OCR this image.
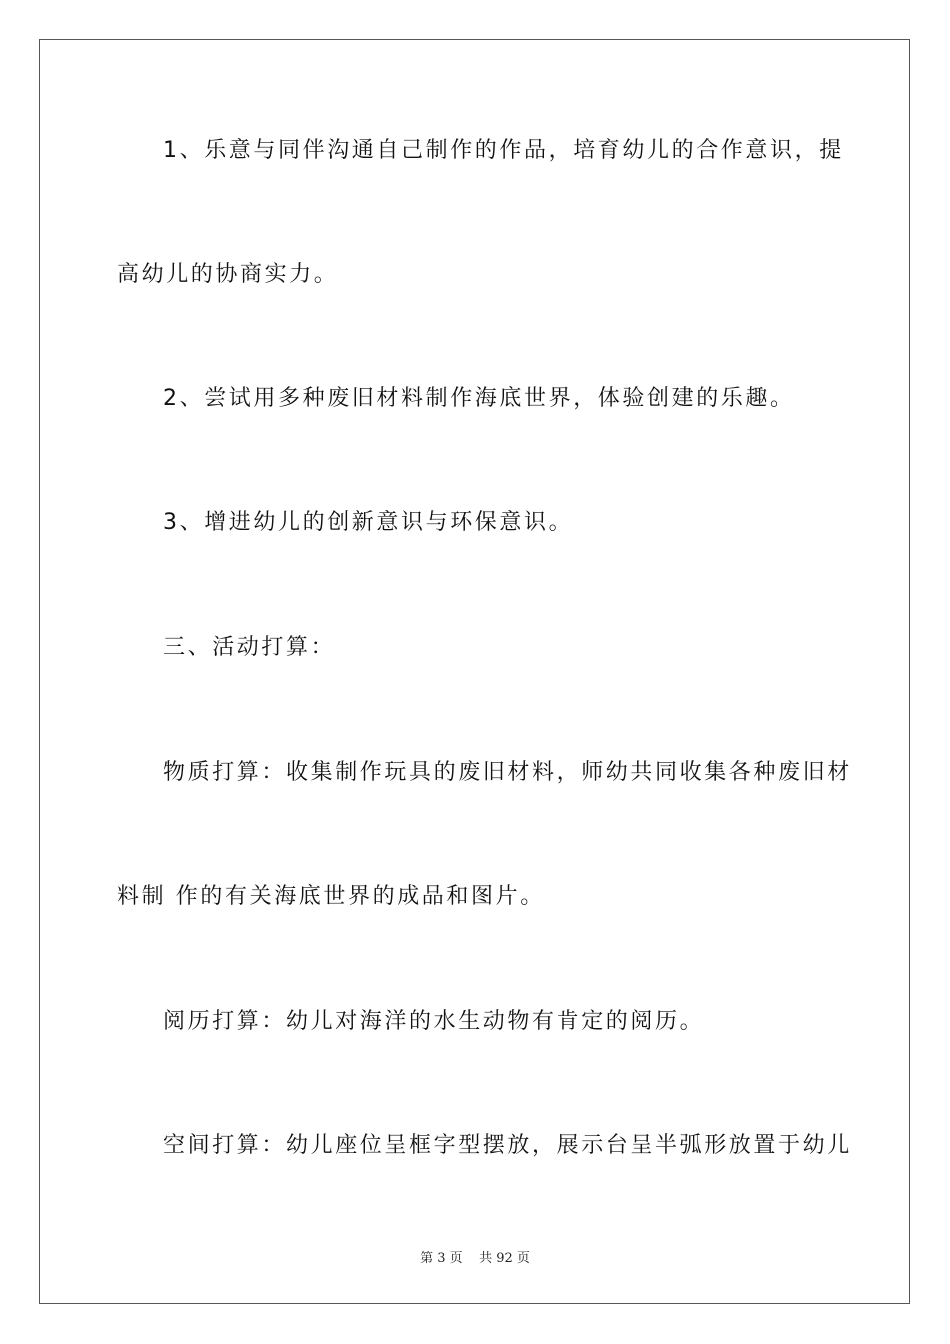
1、乐意与同伴沟通自己制作的作品，培育幼儿的合作意识，提
高幼儿的协商实力。
2、尝试用多种废旧材料制作海底世界，体验创建的乐趣。
3、增进幼儿的创新意识与环保意识。
三、活动打算：
物质打算：收集制作玩具的废旧材料，师幼共同收集各种废旧材
料制 作的有关海底世界的成品和图片。
阅历打算：幼儿对海洋的水生动物有肯定的阅历。
空间打算：幼儿座位呈框字型摆放，展示台呈半弧形放置于幼儿
第 3 页    共 92 页
